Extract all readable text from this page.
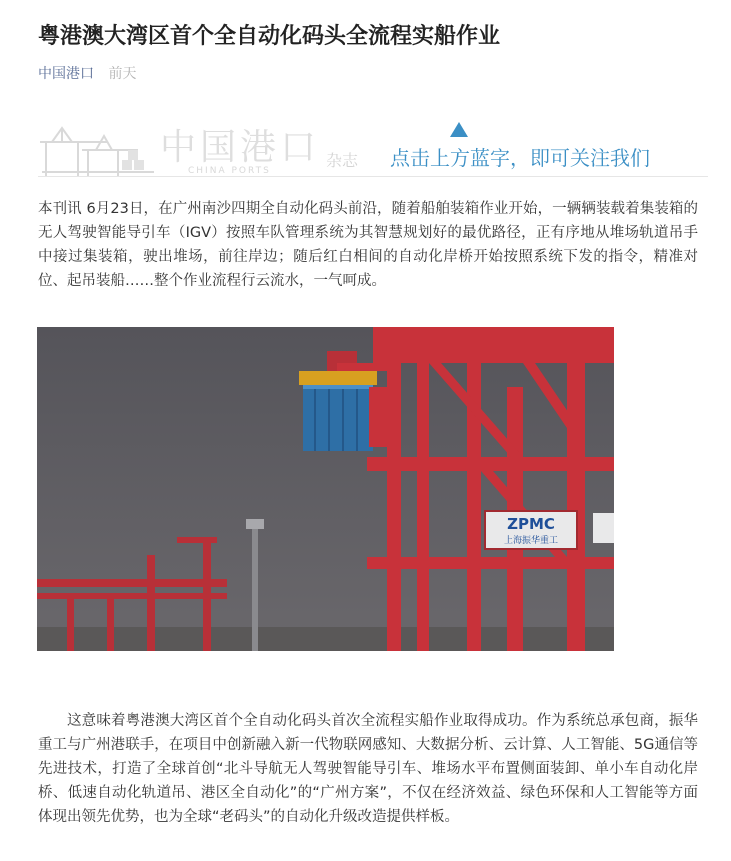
粤港澳大湾区首个全自动化码头全流程实船作业
中国港口 前天
中国港口
CHINA PORTS
杂志 点击上方蓝字，即可关注我们

本刊讯 6月23日，在广州南沙四期全自动化码头前沿，随着船舶装箱作业开始，一辆辆装载着集装箱的无人驾驶智能导引车（IGV）按照车队管理系统为其智慧规划好的最优路径，正有序地从堆场轨道吊手中接过集装箱，驶出堆场，前往岸边；随后红白相间的自动化岸桥开始按照系统下发的指令，精准对位、起吊装船……整个作业流程行云流水，一气呵成。

ZPMC
上海振华重工

这意味着粤港澳大湾区首个全自动化码头首次全流程实船作业取得成功。作为系统总承包商，振华重工与广州港联手，在项目中创新融入新一代物联网感知、大数据分析、云计算、人工智能、5G通信等先进技术，打造了全球首创“北斗导航无人驾驶智能导引车、堆场水平布置侧面装卸、单小车自动化岸桥、低速自动化轨道吊、港区全自动化”的“广州方案”，不仅在经济效益、绿色环保和人工智能等方面体现出领先优势，也为全球“老码头”的自动化升级改造提供样板。
